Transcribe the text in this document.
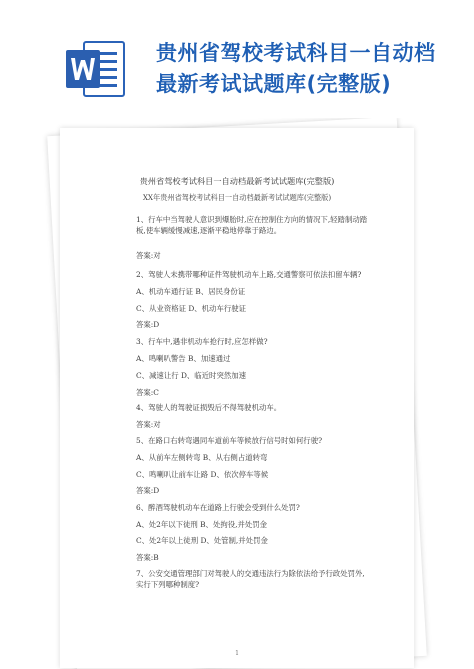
贵州省驾校考试科目一自动档
最新考试试题库(完整版)
贵州省驾校考试科目一自动档最新考试试题库(完整版)
XX年贵州省驾校考试科目一自动档最新考试试题库(完整版)
1、行车中当驾驶人意识到爆胎时,应在控制住方向的情况下,轻踏制动踏板,使车辆缓慢减速,逐渐平稳地停靠于路边。
答案:对
2、驾驶人未携带哪种证件驾驶机动车上路,交通警察可依法扣留车辆?
A、机动车通行证 B、居民身份证
C、从业资格证 D、机动车行驶证
答案:D
3、行车中,遇非机动车抢行时,应怎样做?
A、鸣喇叭警告 B、加速通过
C、减速让行 D、临近时突然加速
答案:C
4、驾驶人的驾驶证损毁后不得驾驶机动车。
答案:对
5、在路口右转弯遇同车道前车等候放行信号时如何行驶?
A、从前车左侧转弯 B、从右侧占道转弯
C、鸣喇叭让前车让路 D、依次停车等候
答案:D
6、醉酒驾驶机动车在道路上行驶会受到什么处罚?
A、处2年以下徒刑 B、处拘役,并处罚金
C、处2年以上徒刑 D、处管制,并处罚金
答案:B
7、公安交通管理部门对驾驶人的交通违法行为除依法给予行政处罚外,实行下列哪种制度?
1
